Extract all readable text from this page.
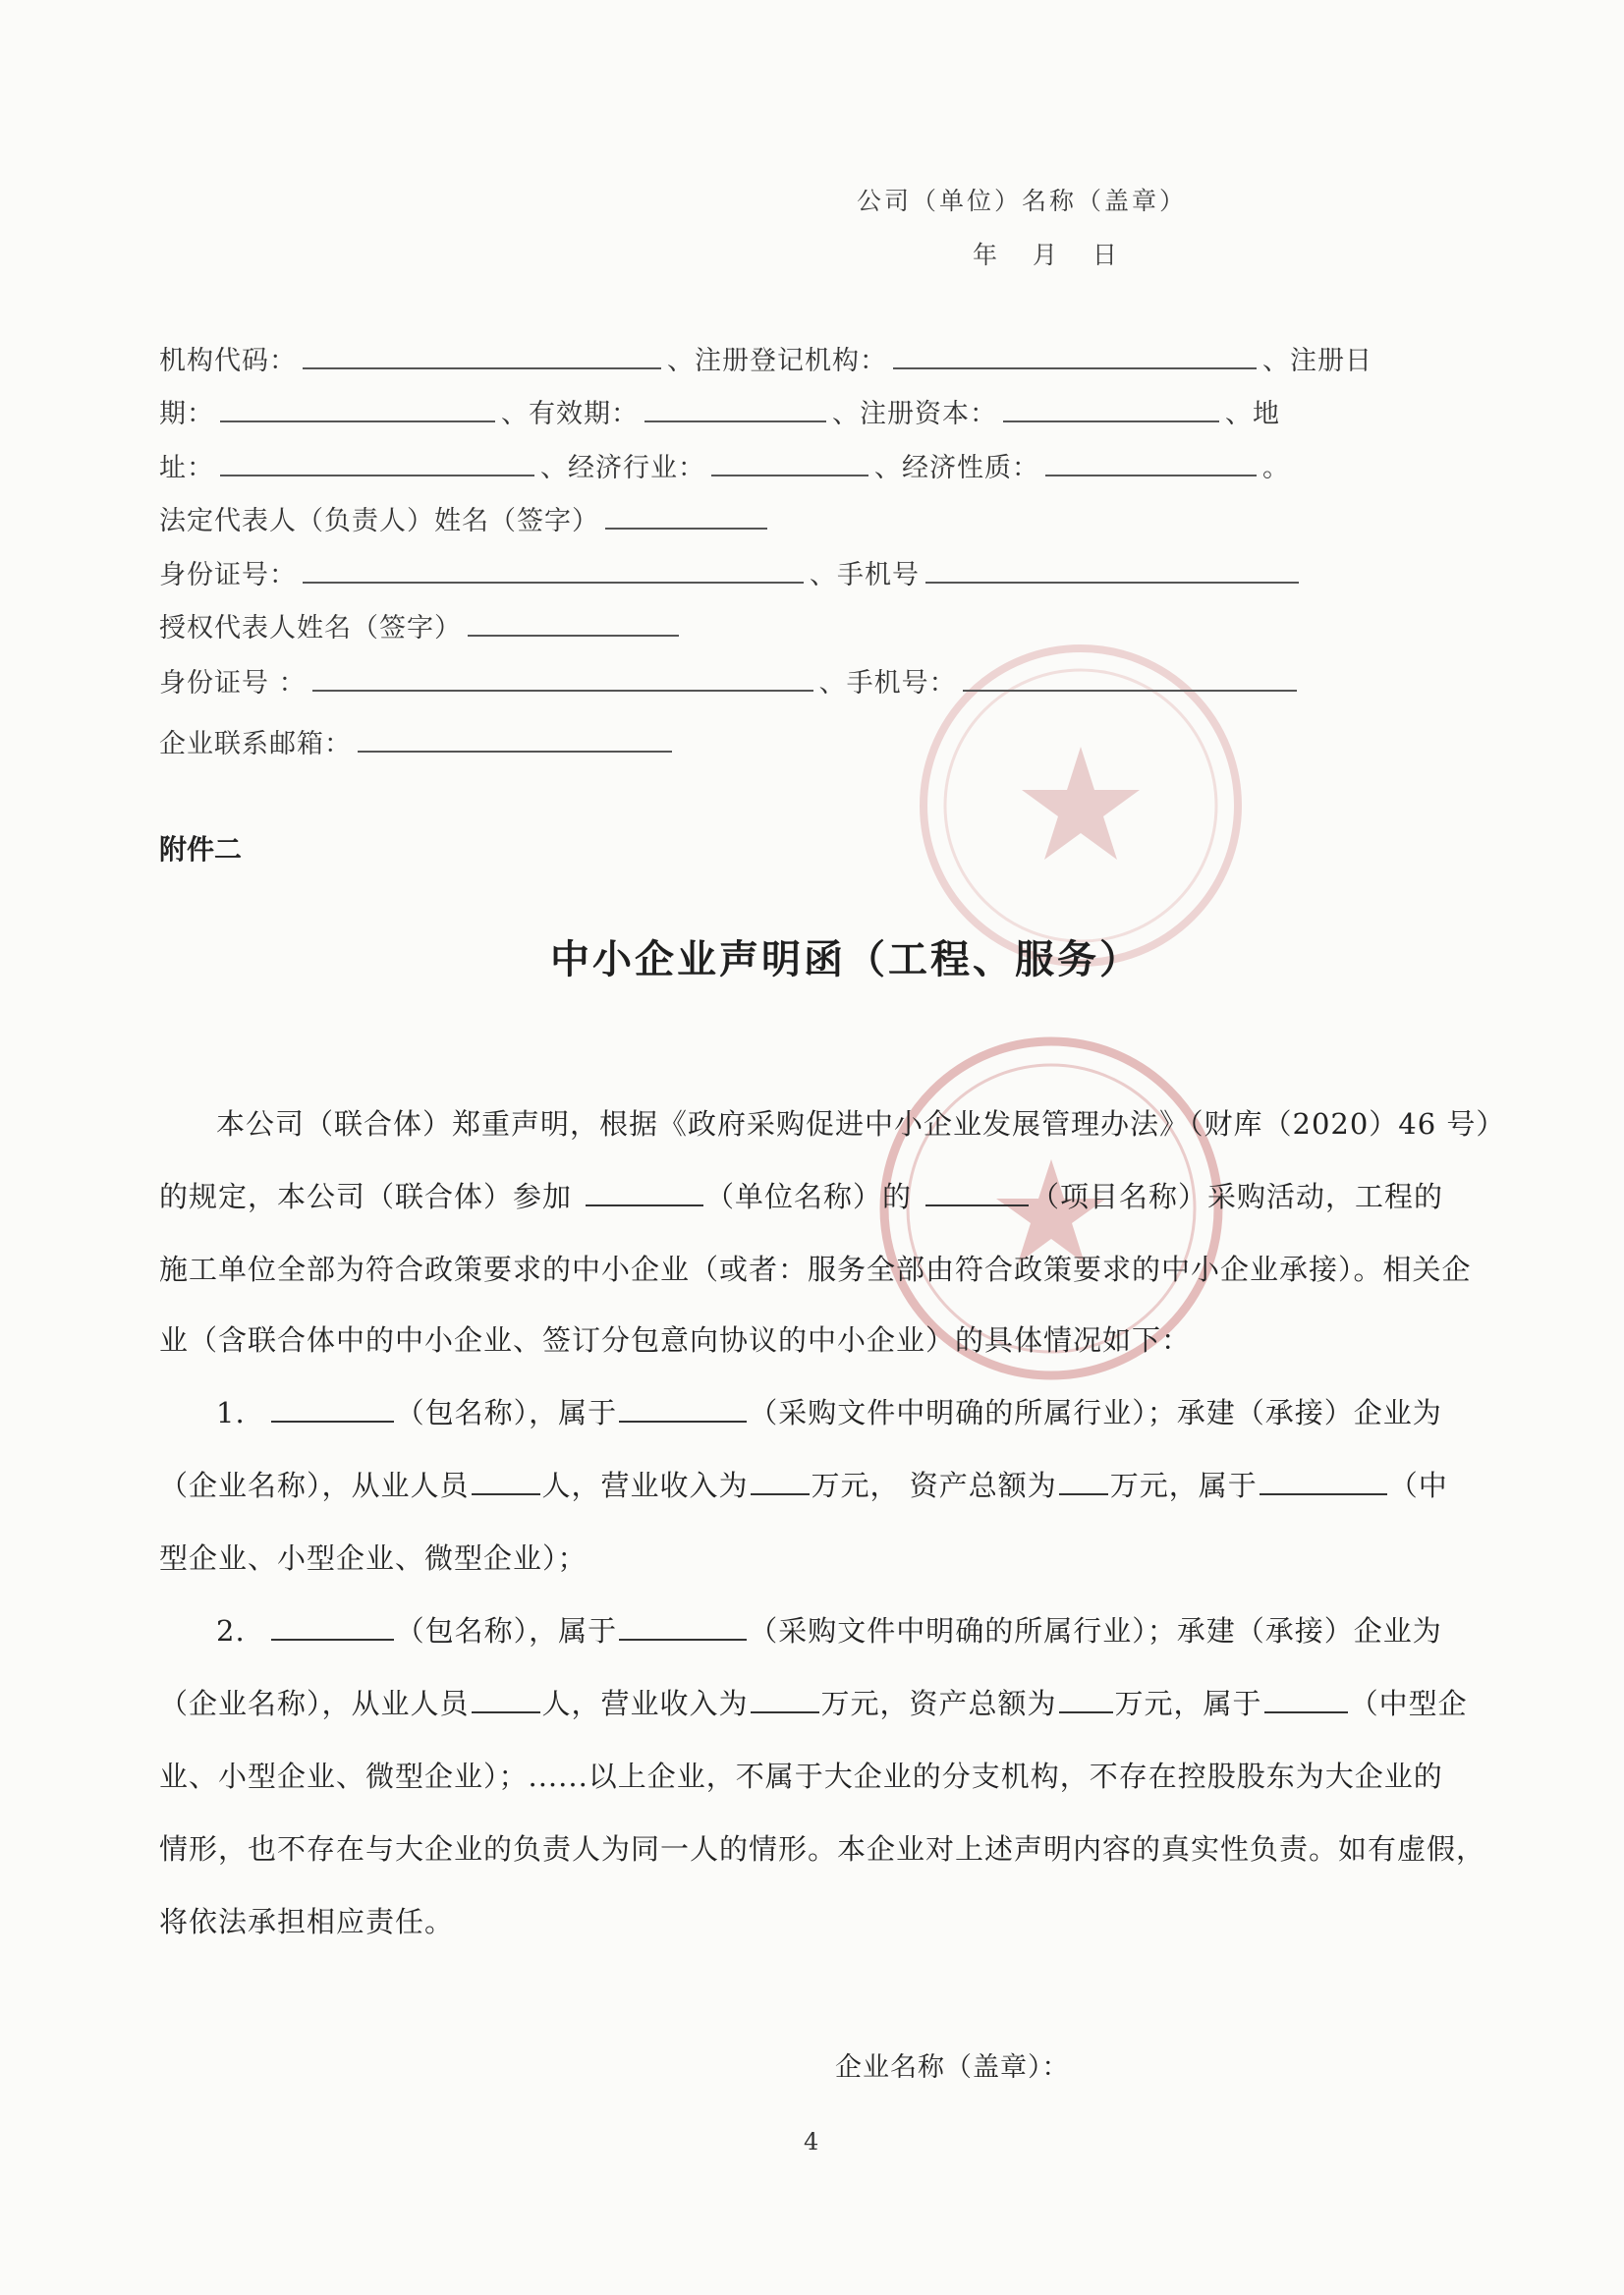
公司（单位）名称（盖章）
年 月 日
机构代码：	、注册登记机构：	、注册日
期：	、有效期：	、注册资本：	、地
址：	、经济行业：	、经济性质：	。
法定代表人（负责人）姓名（签字）
身份证号：	、手机号
授权代表人姓名（签字）
身份证号 ：	、手机号：
企业联系邮箱：
附件二
中小企业声明函（工程、服务）
本公司（联合体）郑重声明，根据《政府采购促进中小企业发展管理办法》（财库（2020）46 号）
的规定，本公司（联合体）参加	（单位名称）的	（项目名称）采购活动，工程的
施工单位全部为符合政策要求的中小企业（或者：服务全部由符合政策要求的中小企业承接）。相关企
业（含联合体中的中小企业、签订分包意向协议的中小企业）的具体情况如下：
1.	（包名称），属于	（采购文件中明确的所属行业）；承建（承接）企业为
（企业名称），从业人员	人，营业收入为 万元， 资产总额为 万元，属于	（中
型企业、小型企业、微型企业）；
2.	（包名称），属于	（采购文件中明确的所属行业）；承建（承接）企业为
（企业名称），从业人员	人，营业收入为	万元，资产总额为 万元，属于	（中型企
业、小型企业、微型企业）；......以上企业，不属于大企业的分支机构，不存在控股股东为大企业的
情形，也不存在与大企业的负责人为同一人的情形。本企业对上述声明内容的真实性负责。如有虚假，
将依法承担相应责任。
企业名称（盖章）：
4
